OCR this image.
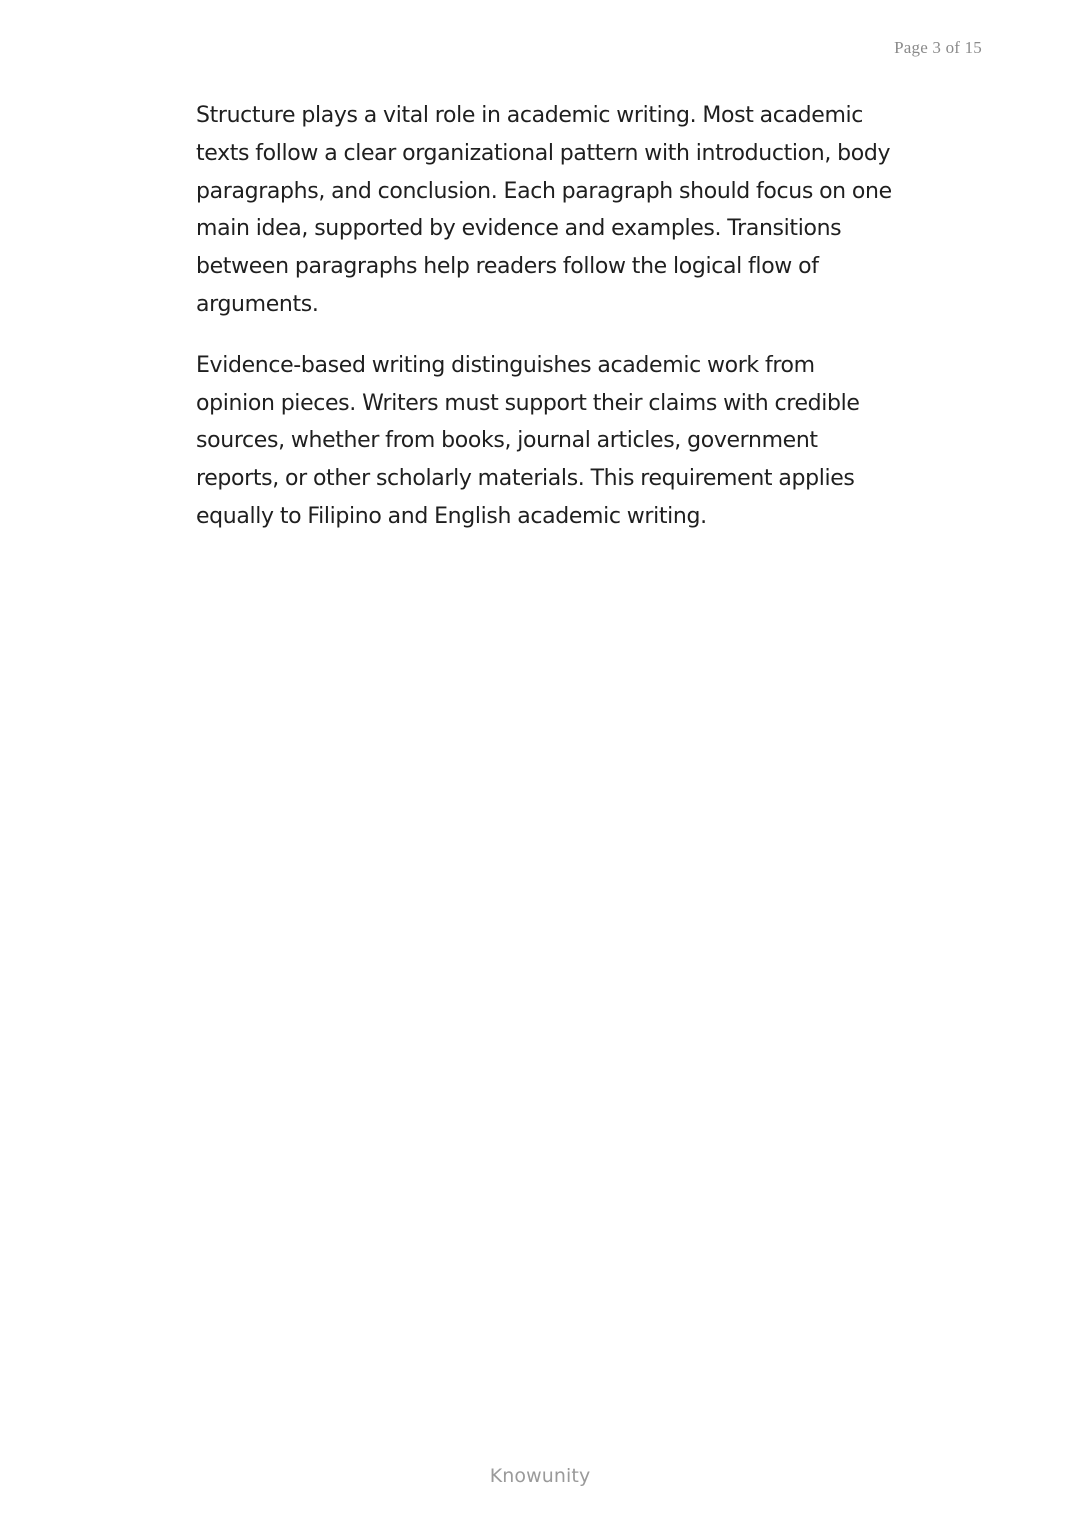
Page 3 of 15

Structure plays a vital role in academic writing. Most academic texts follow a clear organizational pattern with introduction, body paragraphs, and conclusion. Each paragraph should focus on one main idea, supported by evidence and examples. Transitions between paragraphs help readers follow the logical flow of arguments.

Evidence-based writing distinguishes academic work from opinion pieces. Writers must support their claims with credible sources, whether from books, journal articles, government reports, or other scholarly materials. This requirement applies equally to Filipino and English academic writing.

Knowunity
